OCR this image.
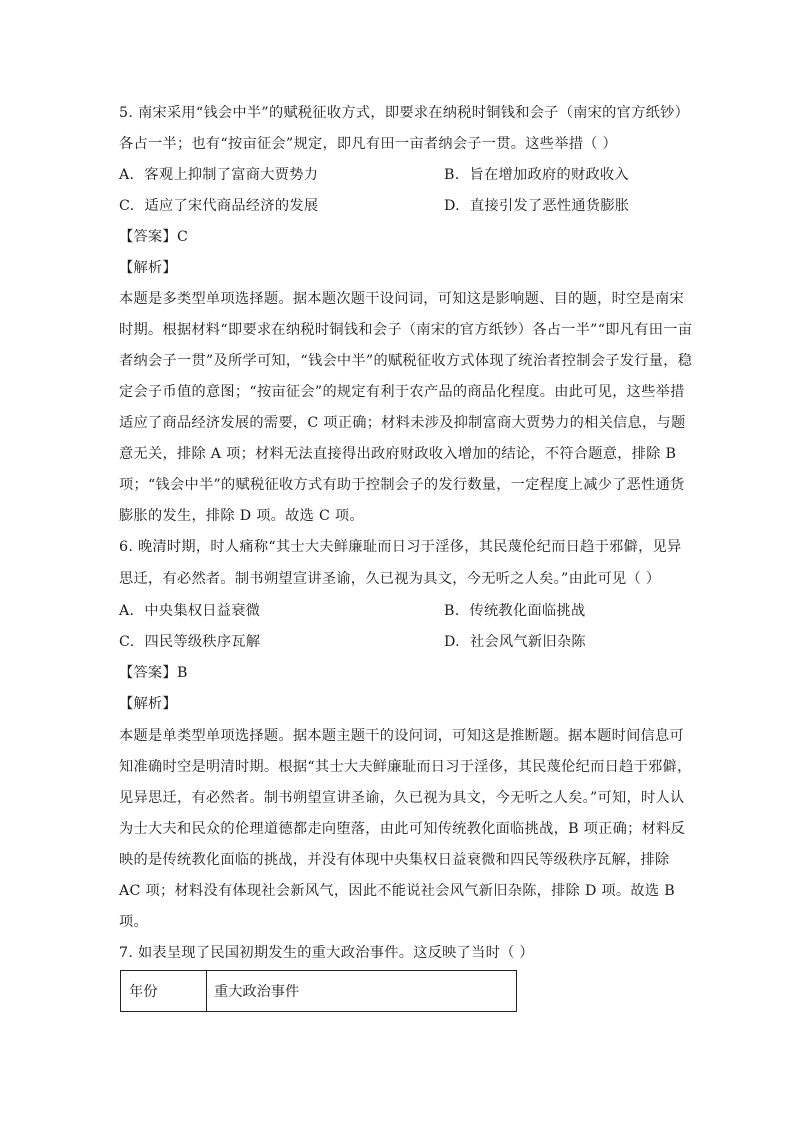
5. 南宋采用“钱会中半”的赋税征收方式，即要求在纳税时铜钱和会子（南宋的官方纸钞）
各占一半；也有“按亩征会”规定，即凡有田一亩者纳会子一贯。这些举措（ ）
A. 客观上抑制了富商大贾势力	B. 旨在增加政府的财政收入
C. 适应了宋代商品经济的发展	D. 直接引发了恶性通货膨胀
【答案】C
【解析】
本题是多类型单项选择题。据本题次题干设问词，可知这是影响题、目的题，时空是南宋
时期。根据材料“即要求在纳税时铜钱和会子（南宋的官方纸钞）各占一半”“即凡有田一亩
者纳会子一贯”及所学可知，“钱会中半”的赋税征收方式体现了统治者控制会子发行量，稳
定会子币值的意图；“按亩征会”的规定有利于农产品的商品化程度。由此可见，这些举措
适应了商品经济发展的需要，C 项正确；材料未涉及抑制富商大贾势力的相关信息，与题
意无关，排除 A 项；材料无法直接得出政府财政收入增加的结论，不符合题意，排除 B
项；“钱会中半”的赋税征收方式有助于控制会子的发行数量，一定程度上减少了恶性通货
膨胀的发生，排除 D 项。故选 C 项。
6. 晚清时期，时人痛称“其士大夫鲜廉耻而日习于淫侈，其民蔑伦纪而日趋于邪僻，见异
思迁，有必然者。制书朔望宣讲圣谕，久已视为具文，今无听之人矣。”由此可见（ ）
A. 中央集权日益衰微	B. 传统教化面临挑战
C. 四民等级秩序瓦解	D. 社会风气新旧杂陈
【答案】B
【解析】
本题是单类型单项选择题。据本题主题干的设问词，可知这是推断题。据本题时间信息可
知准确时空是明清时期。根据“其士大夫鲜廉耻而日习于淫侈，其民蔑伦纪而日趋于邪僻，
见异思迁，有必然者。制书朔望宣讲圣谕，久已视为具文，今无听之人矣。”可知，时人认
为士大夫和民众的伦理道德都走向堕落，由此可知传统教化面临挑战，B 项正确；材料反
映的是传统教化面临的挑战，并没有体现中央集权日益衰微和四民等级秩序瓦解，排除
AC 项；材料没有体现社会新风气，因此不能说社会风气新旧杂陈，排除 D 项。故选 B
项。
7. 如表呈现了民国初期发生的重大政治事件。这反映了当时（ ）
年份	重大政治事件
